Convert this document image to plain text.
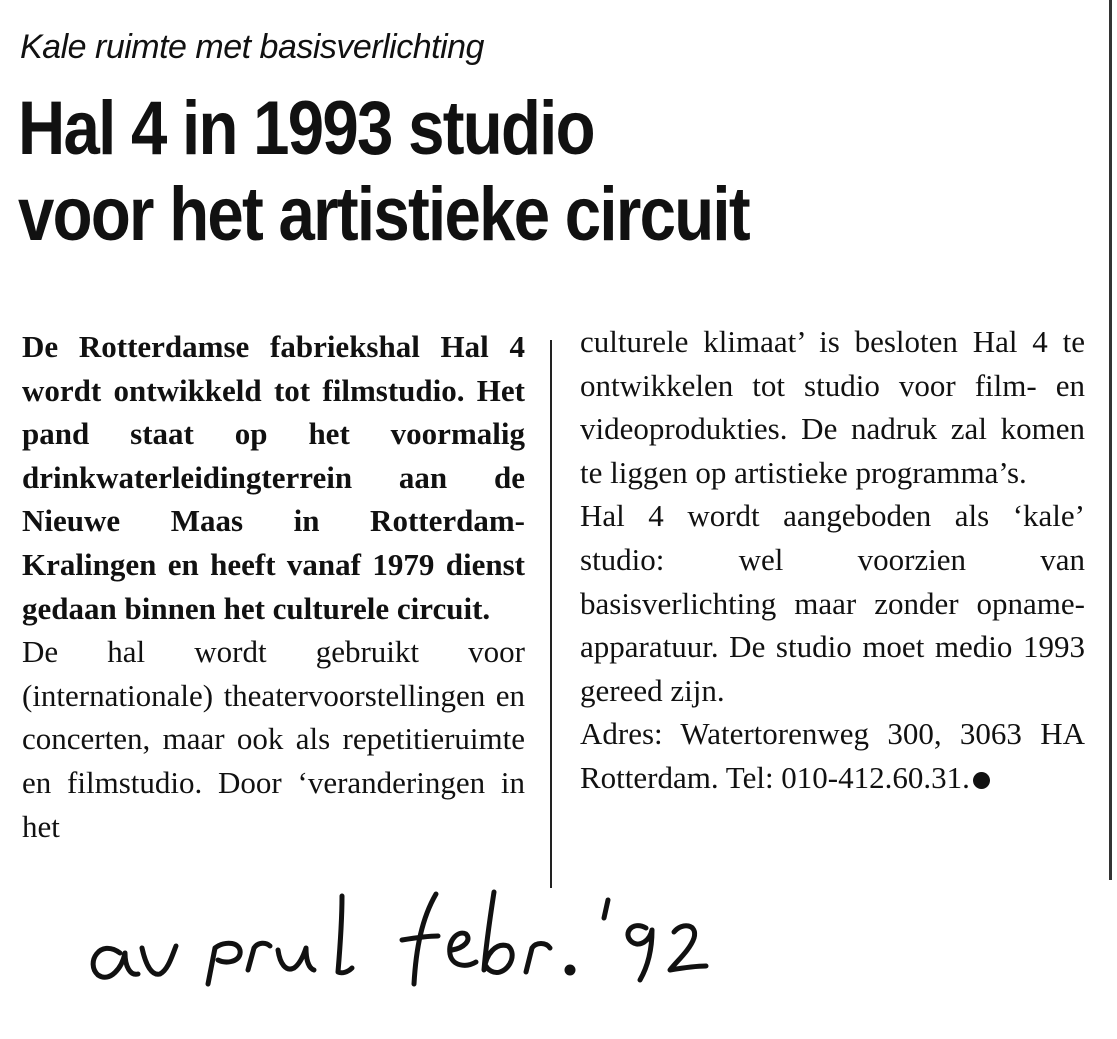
Kale ruimte met basisverlichting
Hal 4 in 1993 studio
voor het artistieke circuit

De Rotterdamse fabriekshal Hal 4 wordt ontwikkeld tot filmstudio. Het pand staat op het voormalig drinkwaterleidingterrein aan de Nieuwe Maas in Rotterdam-Kralingen en heeft vanaf 1979 dienst gedaan binnen het culturele circuit.

De hal wordt gebruikt voor (internationale) theatervoorstellingen en concerten, maar ook als repetitieruimte en filmstudio. Door ‘veranderingen in het

culturele klimaat’ is besloten Hal 4 te ontwikkelen tot studio voor film- en videoprodukties. De nadruk zal komen te liggen op artistieke programma’s.

Hal 4 wordt aangeboden als ‘kale’ studio: wel voorzien van basisverlichting maar zonder opname-apparatuur. De studio moet medio 1993 gereed zijn.

Adres: Watertorenweg 300, 3063 HA Rotterdam. Tel: 010-412.60.31.
